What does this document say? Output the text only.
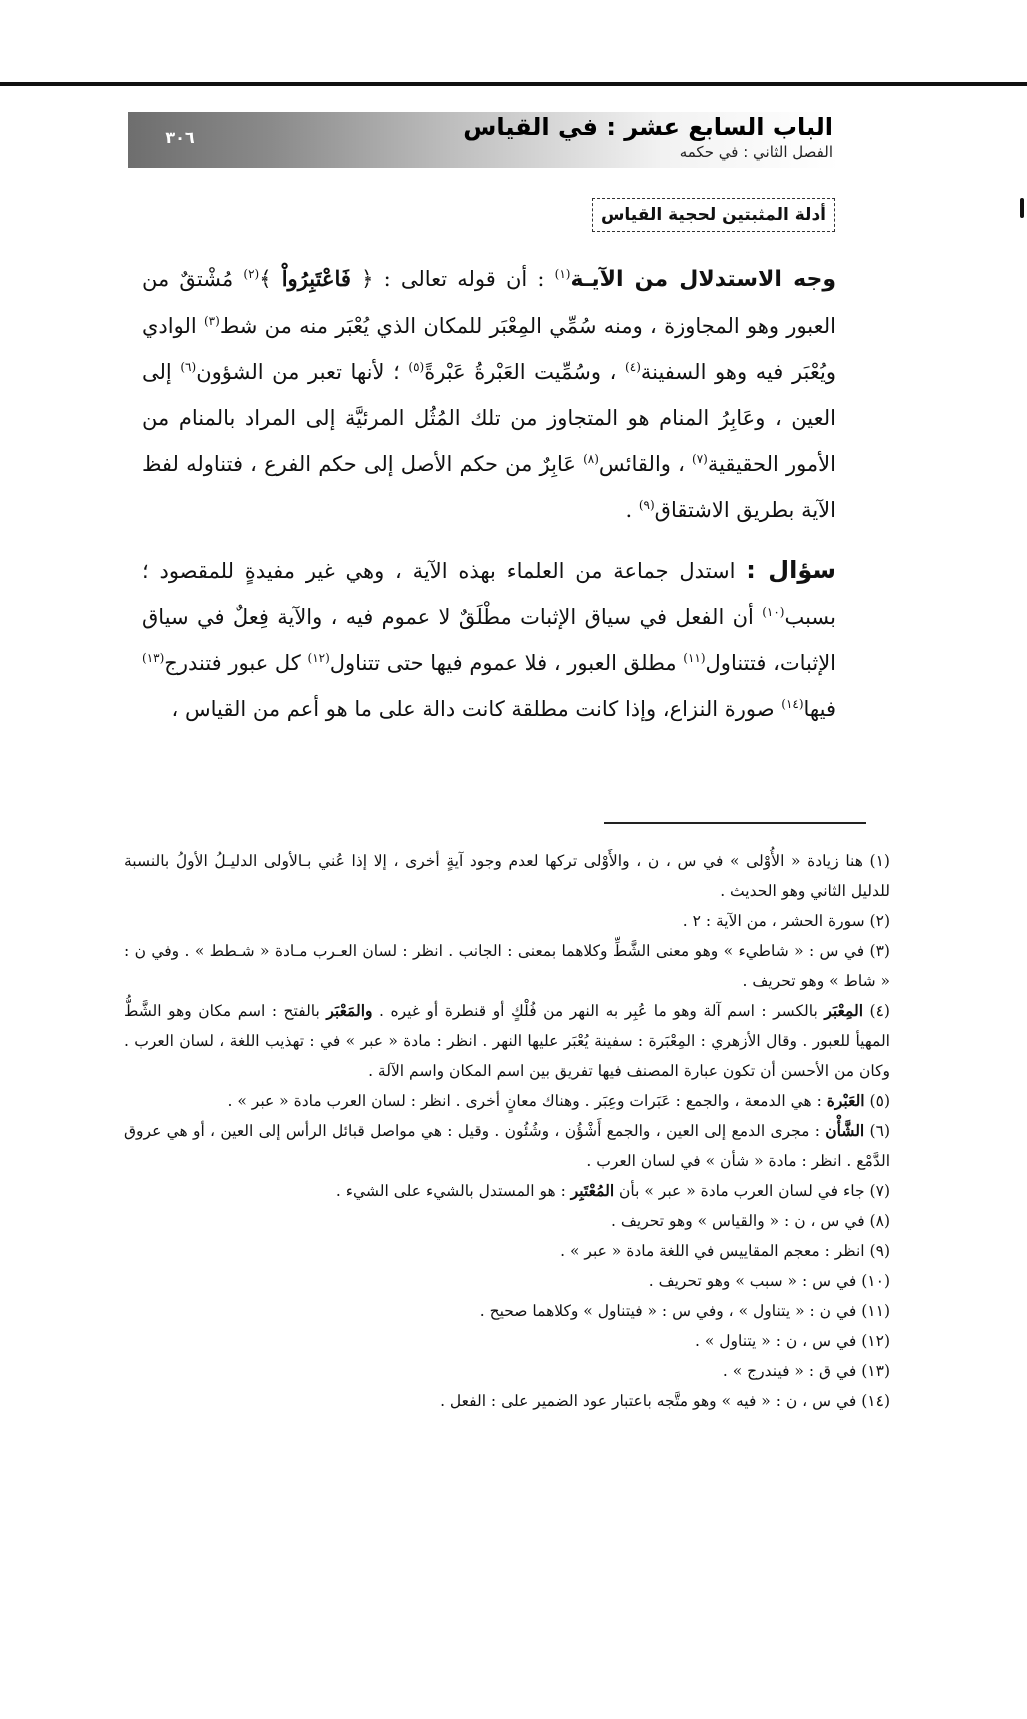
الباب السابع عشر : في القياس
الفصل الثاني : في حكمه
٣٠٦
أدلة المثبتين لحجية القياس

وجه الاستدلال من الآيـة$^{(١)}$ : أن قوله تعالى : ﴿ فَاعْتَبِرُواْ ﴾$^{(٢)}$ مُشْتقٌ من العبور وهو المجاوزة ، ومنه سُمِّي المِعْبَر للمكان الذي يُعْبَر منه من شط$^{(٣)}$ الوادي ويُعْبَر فيه وهو السفينة$^{(٤)}$ ، وسُمِّيت العَبْرةُ عَبْرةً$^{(٥)}$ ؛ لأنها تعبر من الشؤون$^{(٦)}$ إلى العين ، وعَابِرُ المنام هو المتجاوز من تلك المُثُل المرئيَّة إلى المراد بالمنام من الأمور الحقيقية$^{(٧)}$ ، والقائس$^{(٨)}$ عَابِرٌ من حكم الأصل إلى حكم الفرع ، فتناوله لفظ الآية بطريق الاشتقاق$^{(٩)}$ .

سؤال : استدل جماعة من العلماء بهذه الآية ، وهي غير مفيدةٍ للمقصود ؛ بسبب$^{(١٠)}$ أن الفعل في سياق الإثبات مطْلَقٌ لا عموم فيه ، والآية فِعلٌ في سياق الإثبات، فتتناول$^{(١١)}$ مطلق العبور ، فلا عموم فيها حتى تتناول$^{(١٢)}$ كل عبور فتندرج$^{(١٣)}$ فيها$^{(١٤)}$ صورة النزاع، وإذا كانت مطلقة كانت دالة على ما هو أعم من القياس ،

(١) هنا زيادة « الأُوْلى » في س ، ن ، والأَوْلى تركها لعدم وجود آيةٍ أخرى ، إلا إذا عُني بـالأولى الدليـلُ الأولُ بالنسبة للدليل الثاني وهو الحديث .

(٢) سورة الحشر ، من الآية : ٢ .

(٣) في س : « شاطيء » وهو معنى الشَّطِّ وكلاهما بمعنى : الجانب . انظر : لسان العـرب مـادة « شـطط » . وفي ن : « شاط » وهو تحريف .

(٤) المِعْبَر بالكسر : اسم آلة وهو ما عُبِر به النهر من فُلْكٍ أو قنطرة أو غيره . والمَعْبَر بالفتح : اسم مكان وهو الشَّطُّ المهيأ للعبور . وقال الأزهري : المِعْبَرة : سفينة يُعْبَر عليها النهر . انظر : مادة « عبر » في : تهذيب اللغة ، لسان العرب . وكان من الأحسن أن تكون عبارة المصنف فيها تفريق بين اسم المكان واسم الآلة .

(٥) العَبْرة : هي الدمعة ، والجمع : عَبَرات وعِبَر . وهناك معانٍ أخرى . انظر : لسان العرب مادة « عبر » .

(٦) الشَّأْن : مجرى الدمع إلى العين ، والجمع أَشْؤُن ، وشُئُون . وقيل : هي مواصل قبائل الرأس إلى العين ، أو هي عروق الدَّمْع . انظر : مادة « شأن » في لسان العرب .

(٧) جاء في لسان العرب مادة « عبر » بأن المُعْتَبِر : هو المستدل بالشيء على الشيء .

(٨) في س ، ن : « والقياس » وهو تحريف .

(٩) انظر : معجم المقاييس في اللغة مادة « عبر » .

(١٠) في س : « سبب » وهو تحريف .

(١١) في ن : « يتناول » ، وفي س : « فيتناول » وكلاهما صحيح .

(١٢) في س ، ن : « يتناول » .

(١٣) في ق : « فيندرج » .

(١٤) في س ، ن : « فيه » وهو متَّجه باعتبار عود الضمير على : الفعل .
